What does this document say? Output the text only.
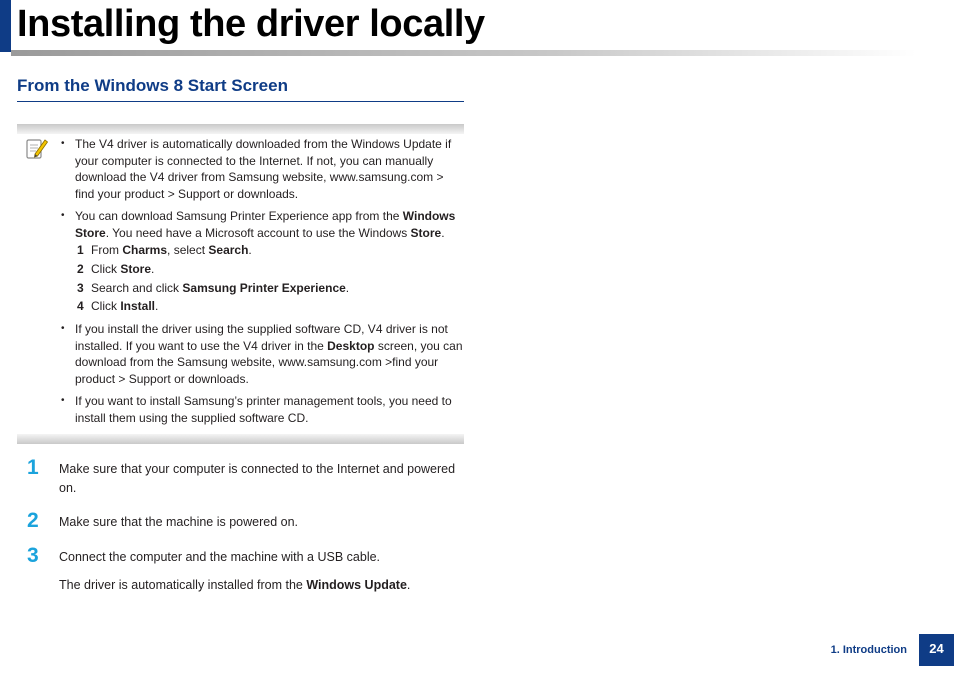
Installing the driver locally
From the Windows 8 Start Screen
• The V4 driver is automatically downloaded from the Windows Update if your computer is connected to the Internet. If not, you can manually download the V4 driver from Samsung website, www.samsung.com > find your product > Support or downloads.
• You can download Samsung Printer Experience app from the Windows Store. You need have a Microsoft account to use the Windows Store.
1 From Charms, select Search.
2 Click Store.
3 Search and click Samsung Printer Experience.
4 Click Install.
• If you install the driver using the supplied software CD, V4 driver is not installed. If you want to use the V4 driver in the Desktop screen, you can download from the Samsung website, www.samsung.com >find your product > Support or downloads.
• If you want to install Samsung’s printer management tools, you need to install them using the supplied software CD.
1 Make sure that your computer is connected to the Internet and powered on.
2 Make sure that the machine is powered on.
3 Connect the computer and the machine with a USB cable.
The driver is automatically installed from the Windows Update.
1. Introduction	24
